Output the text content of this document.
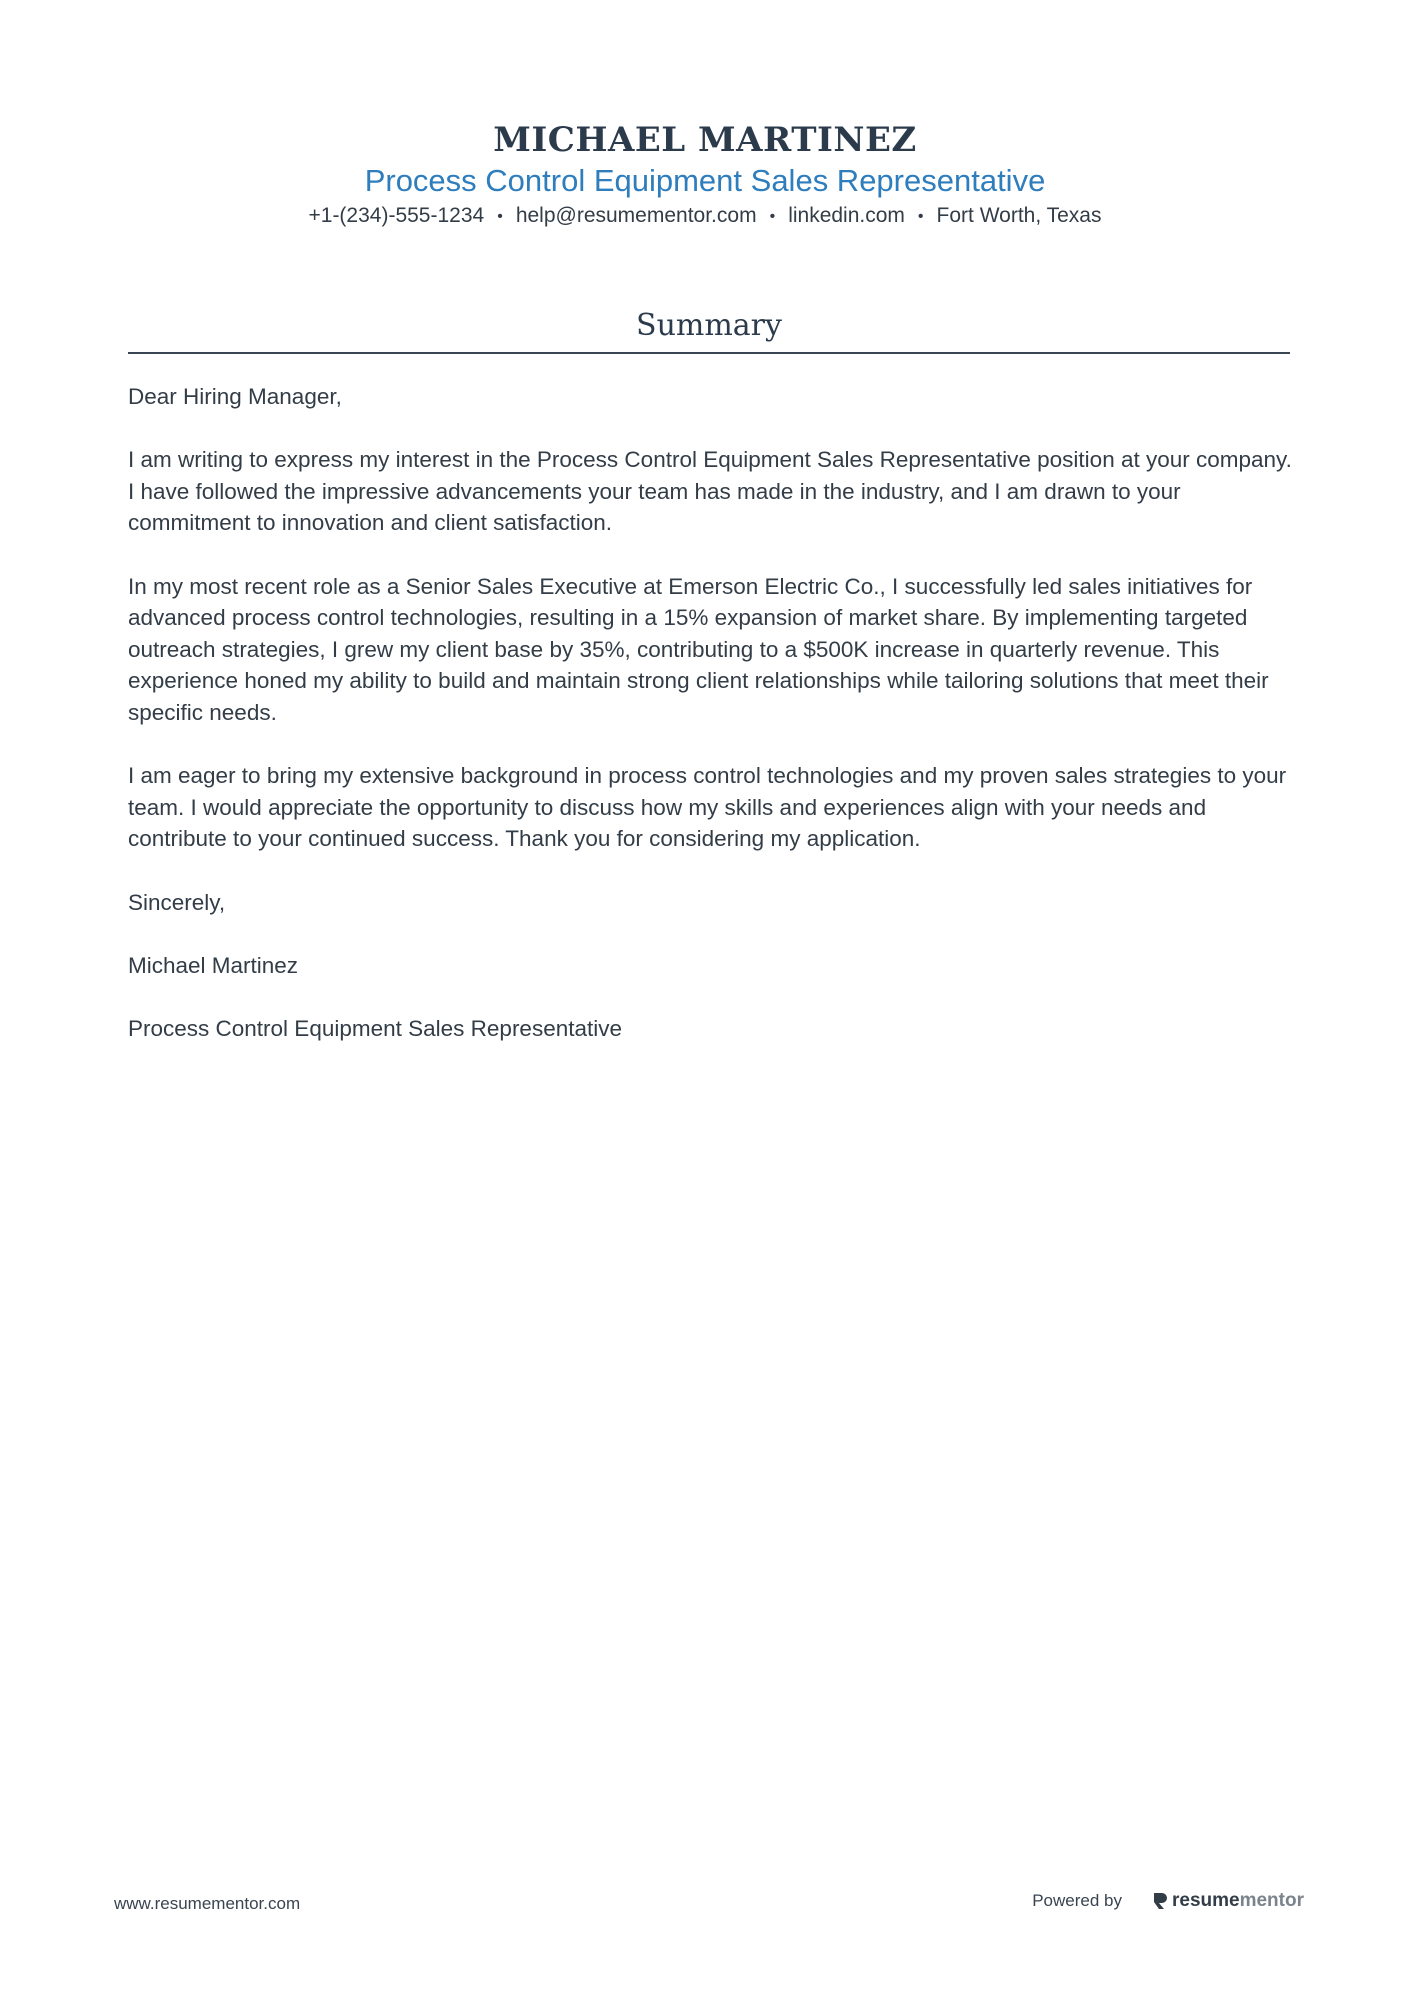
MICHAEL MARTINEZ
Process Control Equipment Sales Representative
+1-(234)-555-1234 • help@resumementor.com • linkedin.com • Fort Worth, Texas
Summary

Dear Hiring Manager,

I am writing to express my interest in the Process Control Equipment Sales Representative position at your company. I have followed the impressive advancements your team has made in the industry, and I am drawn to your commitment to innovation and client satisfaction.

In my most recent role as a Senior Sales Executive at Emerson Electric Co., I successfully led sales initiatives for advanced process control technologies, resulting in a 15% expansion of market share. By implementing targeted outreach strategies, I grew my client base by 35%, contributing to a $500K increase in quarterly revenue. This experience honed my ability to build and maintain strong client relationships while tailoring solutions that meet their specific needs.

I am eager to bring my extensive background in process control technologies and my proven sales strategies to your team. I would appreciate the opportunity to discuss how my skills and experiences align with your needs and contribute to your continued success. Thank you for considering my application.

Sincerely,

Michael Martinez

Process Control Equipment Sales Representative

www.resumementor.com	Powered by	resume mentor
